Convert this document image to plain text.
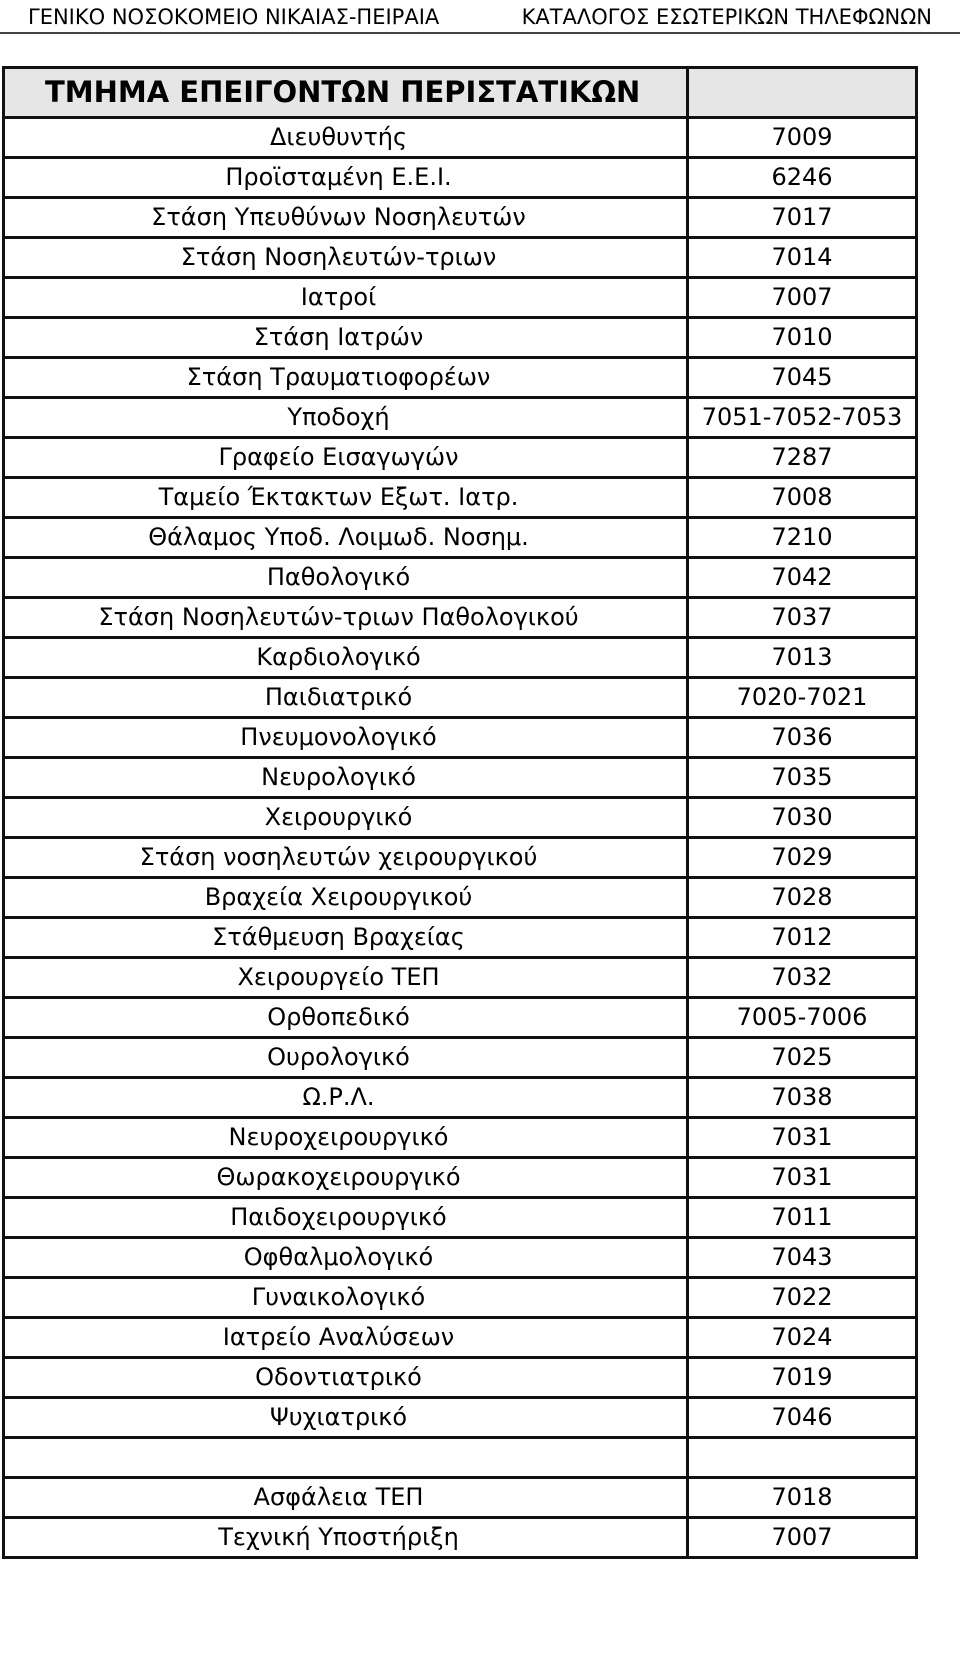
ΓΕΝΙΚΟ ΝΟΣΟΚΟΜΕΙΟ ΝΙΚΑΙΑΣ-ΠΕΙΡΑΙΑ	ΚΑΤΑΛΟΓΟΣ ΕΣΩΤΕΡΙΚΩΝ ΤΗΛΕΦΩΝΩΝ
ΤΜΗΜΑ ΕΠΕΙΓΟΝΤΩΝ ΠΕΡΙΣΤΑΤΙΚΩΝ	
Διευθυντής	7009
Προϊσταμένη Ε.Ε.Ι.	6246
Στάση Υπευθύνων Νοσηλευτών	7017
Στάση Νοσηλευτών-τριων	7014
Ιατροί	7007
Στάση Ιατρών	7010
Στάση Τραυματιοφορέων	7045
Υποδοχή	7051-7052-7053
Γραφείο Εισαγωγών	7287
Ταμείο Έκτακτων Εξωτ. Ιατρ.	7008
Θάλαμος Υποδ. Λοιμωδ. Νοσημ.	7210
Παθολογικό	7042
Στάση Νοσηλευτών-τριων Παθολογικού	7037
Καρδιολογικό	7013
Παιδιατρικό	7020-7021
Πνευμονολογικό	7036
Νευρολογικό	7035
Χειρουργικό	7030
Στάση νοσηλευτών χειρουργικού	7029
Βραχεία Χειρουργικού	7028
Στάθμευση Βραχείας	7012
Χειρουργείο ΤΕΠ	7032
Ορθοπεδικό	7005-7006
Ουρολογικό	7025
Ω.Ρ.Λ.	7038
Νευροχειρουργικό	7031
Θωρακοχειρουργικό	7031
Παιδοχειρουργικό	7011
Οφθαλμολογικό	7043
Γυναικολογικό	7022
Ιατρείο Αναλύσεων	7024
Οδοντιατρικό	7019
Ψυχιατρικό	7046

Ασφάλεια ΤΕΠ	7018
Τεχνική Υποστήριξη	7007
